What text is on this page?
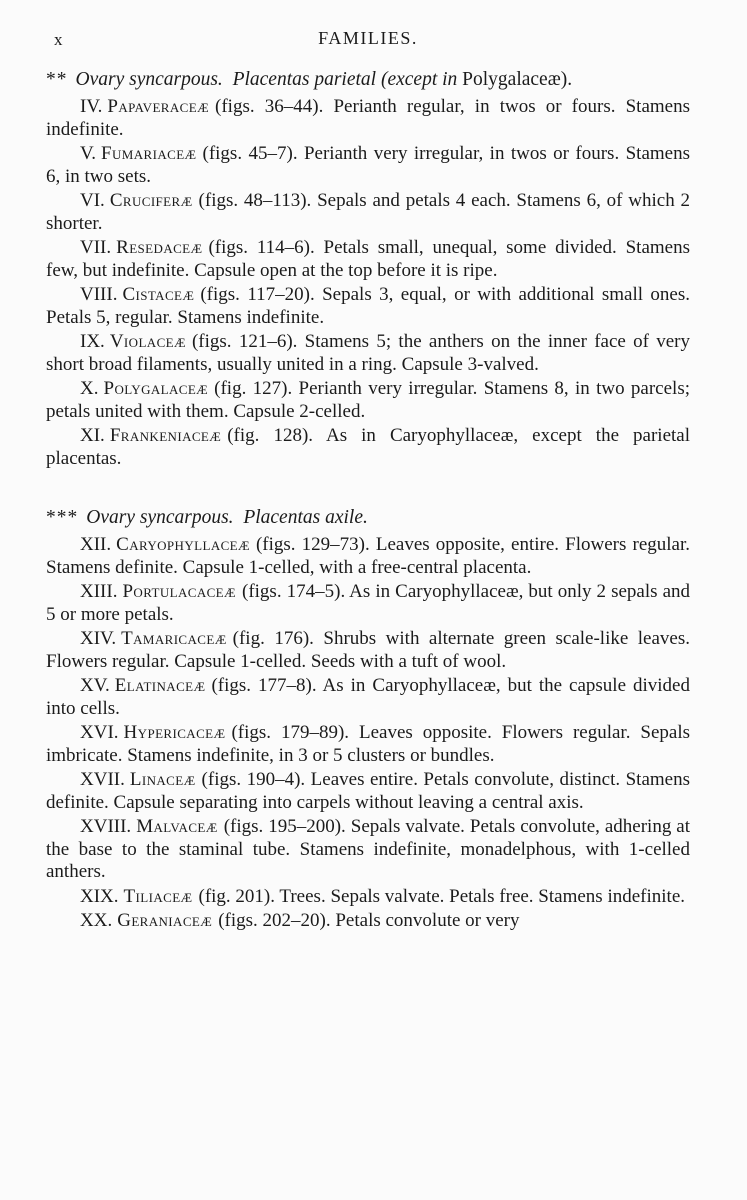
x	FAMILIES.
** Ovary syncarpous. Placentas parietal (except in Polygalaceæ).

IV. Papaveraceæ (figs. 36–44). Perianth regular, in twos or fours. Stamens indefinite.

V. Fumariaceæ (figs. 45–7). Perianth very irregular, in twos or fours. Stamens 6, in two sets.

VI. Cruciferæ (figs. 48–113). Sepals and petals 4 each. Stamens 6, of which 2 shorter.

VII. Resedaceæ (figs. 114–6). Petals small, unequal, some divided. Stamens few, but indefinite. Capsule open at the top before it is ripe.

VIII. Cistaceæ (figs. 117–20). Sepals 3, equal, or with additional small ones. Petals 5, regular. Stamens indefinite.

IX. Violaceæ (figs. 121–6). Stamens 5; the anthers on the inner face of very short broad filaments, usually united in a ring. Capsule 3-valved.

X. Polygalaceæ (fig. 127). Perianth very irregular. Stamens 8, in two parcels; petals united with them. Capsule 2-celled.

XI. Frankeniaceæ (fig. 128). As in Caryophyllaceæ, except the parietal placentas.

*** Ovary syncarpous. Placentas axile.

XII. Caryophyllaceæ (figs. 129–73). Leaves opposite, entire. Flowers regular. Stamens definite. Capsule 1-celled, with a free-central placenta.

XIII. Portulacaceæ (figs. 174–5). As in Caryophyllaceæ, but only 2 sepals and 5 or more petals.

XIV. Tamaricaceæ (fig. 176). Shrubs with alternate green scale-like leaves. Flowers regular. Capsule 1-celled. Seeds with a tuft of wool.

XV. Elatinaceæ (figs. 177–8). As in Caryophyllaceæ, but the capsule divided into cells.

XVI. Hypericaceæ (figs. 179–89). Leaves opposite. Flowers regular. Sepals imbricate. Stamens indefinite, in 3 or 5 clusters or bundles.

XVII. Linaceæ (figs. 190–4). Leaves entire. Petals convolute, distinct. Stamens definite. Capsule separating into carpels without leaving a central axis.

XVIII. Malvaceæ (figs. 195–200). Sepals valvate. Petals convolute, adhering at the base to the staminal tube. Stamens indefinite, monadelphous, with 1-celled anthers.

XIX. Tiliaceæ (fig. 201). Trees. Sepals valvate. Petals free. Stamens indefinite.

XX. Geraniaceæ (figs. 202–20). Petals convolute or very
